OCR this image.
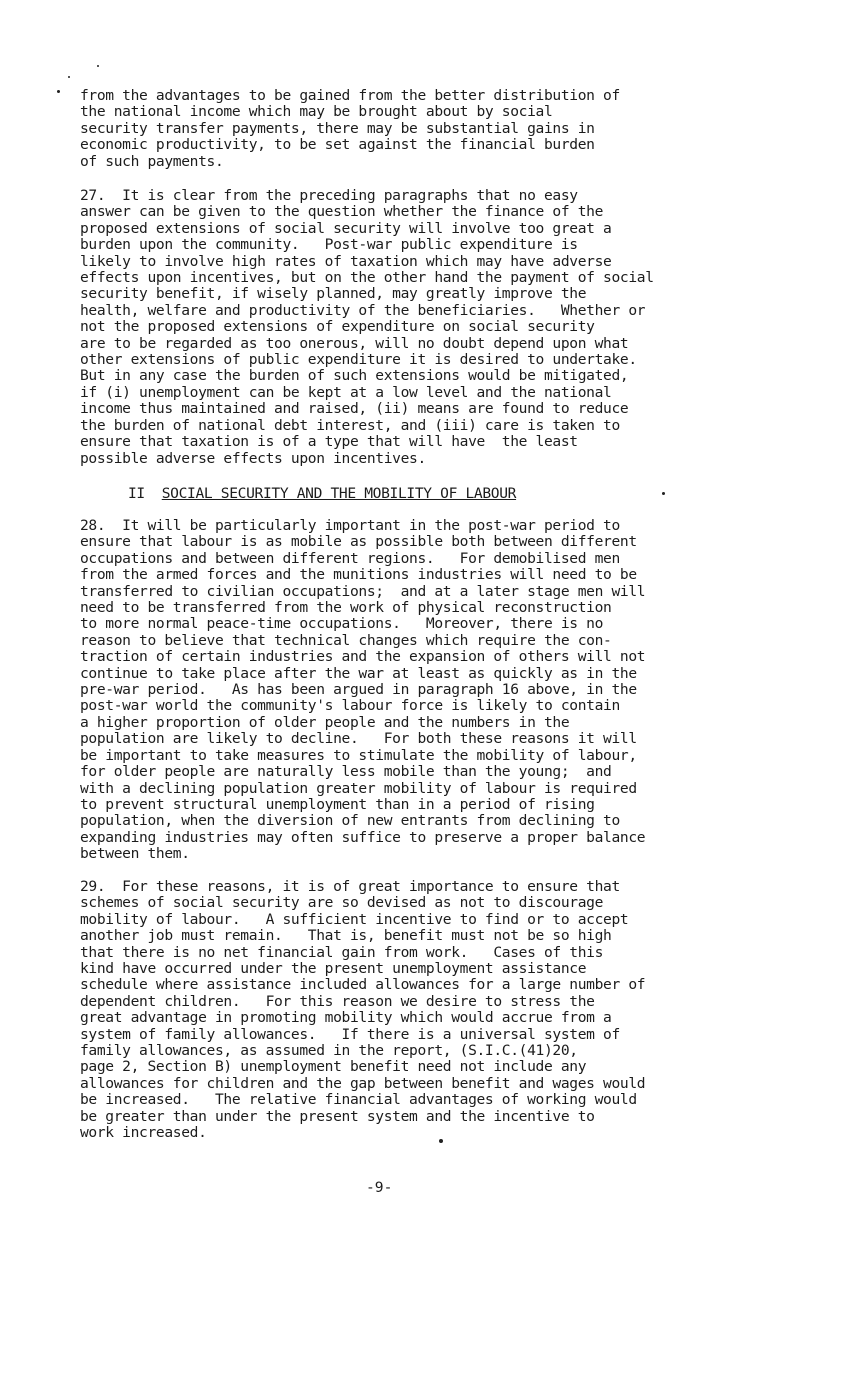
from the advantages to be gained from the better distribution of
the national income which may be brought about by social
security transfer payments, there may be substantial gains in
economic productivity, to be set against the financial burden
of such payments.

27.  It is clear from the preceding paragraphs that no easy
answer can be given to the question whether the finance of the
proposed extensions of social security will involve too great a
burden upon the community.   Post-war public expenditure is
likely to involve high rates of taxation which may have adverse
effects upon incentives, but on the other hand the payment of social
security benefit, if wisely planned, may greatly improve the
health, welfare and productivity of the beneficiaries.   Whether or
not the proposed extensions of expenditure on social security
are to be regarded as too onerous, will no doubt depend upon what
other extensions of public expenditure it is desired to undertake.
But in any case the burden of such extensions would be mitigated,
if (i) unemployment can be kept at a low level and the national
income thus maintained and raised, (ii) means are found to reduce
the burden of national debt interest, and (iii) care is taken to
ensure that taxation is of a type that will have  the least
possible adverse effects upon incentives.

II SOCIAL SECURITY AND THE MOBILITY OF LABOUR

28.  It will be particularly important in the post-war period to
ensure that labour is as mobile as possible both between different
occupations and between different regions.   For demobilised men
from the armed forces and the munitions industries will need to be
transferred to civilian occupations;  and at a later stage men will
need to be transferred from the work of physical reconstruction
to more normal peace-time occupations.   Moreover, there is no
reason to believe that technical changes which require the con-
traction of certain industries and the expansion of others will not
continue to take place after the war at least as quickly as in the
pre-war period.   As has been argued in paragraph 16 above, in the
post-war world the community's labour force is likely to contain
a higher proportion of older people and the numbers in the
population are likely to decline.   For both these reasons it will
be important to take measures to stimulate the mobility of labour,
for older people are naturally less mobile than the young;  and
with a declining population greater mobility of labour is required
to prevent structural unemployment than in a period of rising
population, when the diversion of new entrants from declining to
expanding industries may often suffice to preserve a proper balance
between them.

29.  For these reasons, it is of great importance to ensure that
schemes of social security are so devised as not to discourage
mobility of labour.   A sufficient incentive to find or to accept
another job must remain.   That is, benefit must not be so high
that there is no net financial gain from work.   Cases of this
kind have occurred under the present unemployment assistance
schedule where assistance included allowances for a large number of
dependent children.   For this reason we desire to stress the
great advantage in promoting mobility which would accrue from a
system of family allowances.   If there is a universal system of
family allowances, as assumed in the report, (S.I.C.(41)20,
page 2, Section B) unemployment benefit need not include any
allowances for children and the gap between benefit and wages would
be increased.   The relative financial advantages of working would
be greater than under the present system and the incentive to
work increased.

-9-
